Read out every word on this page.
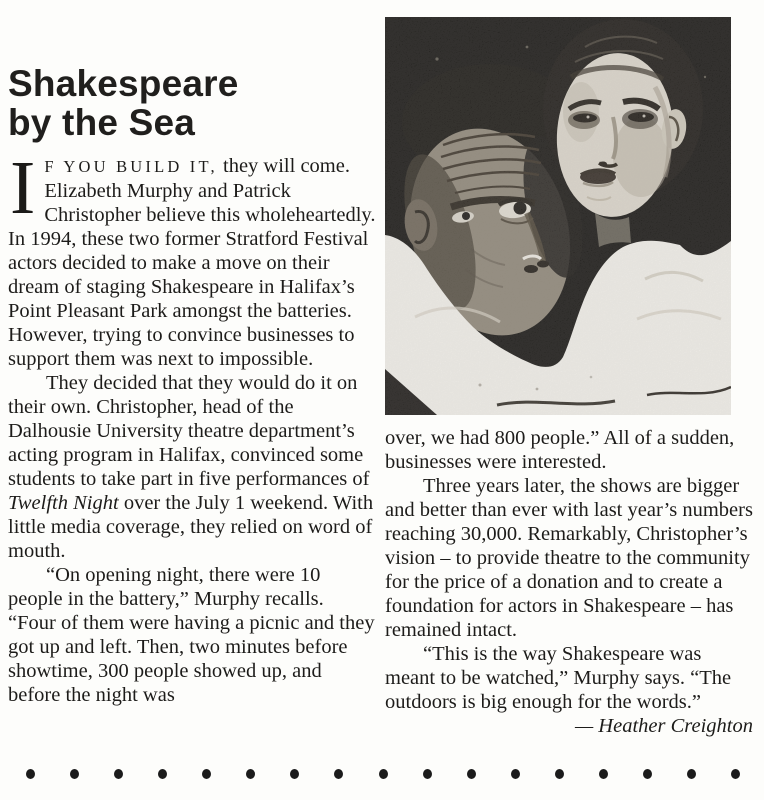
Shakespeare
by the Sea

I F YOU BUILD IT, they will come. Elizabeth Murphy and Patrick Christopher believe this wholeheartedly. In 1994, these two former Stratford Festival actors decided to make a move on their dream of staging Shakespeare in Halifax’s Point Pleasant Park amongst the batteries. However, trying to convince businesses to support them was next to impossible.

They decided that they would do it on their own. Christopher, head of the Dalhousie University theatre department’s acting program in Halifax, convinced some students to take part in five performances of Twelfth Night over the July 1 weekend. With little media coverage, they relied on word of mouth.

“On opening night, there were 10 people in the battery,” Murphy recalls. “Four of them were having a picnic and they got up and left. Then, two minutes before showtime, 300 people showed up, and before the night was

over, we had 800 people.” All of a sudden, businesses were interested.

Three years later, the shows are bigger and better than ever with last year’s numbers reaching 30,000. Remarkably, Christopher’s vision – to provide theatre to the community for the price of a donation and to create a foundation for actors in Shakespeare – has remained intact.

“This is the way Shakespeare was meant to be watched,” Murphy says. “The outdoors is big enough for the words.”
— Heather Creighton
